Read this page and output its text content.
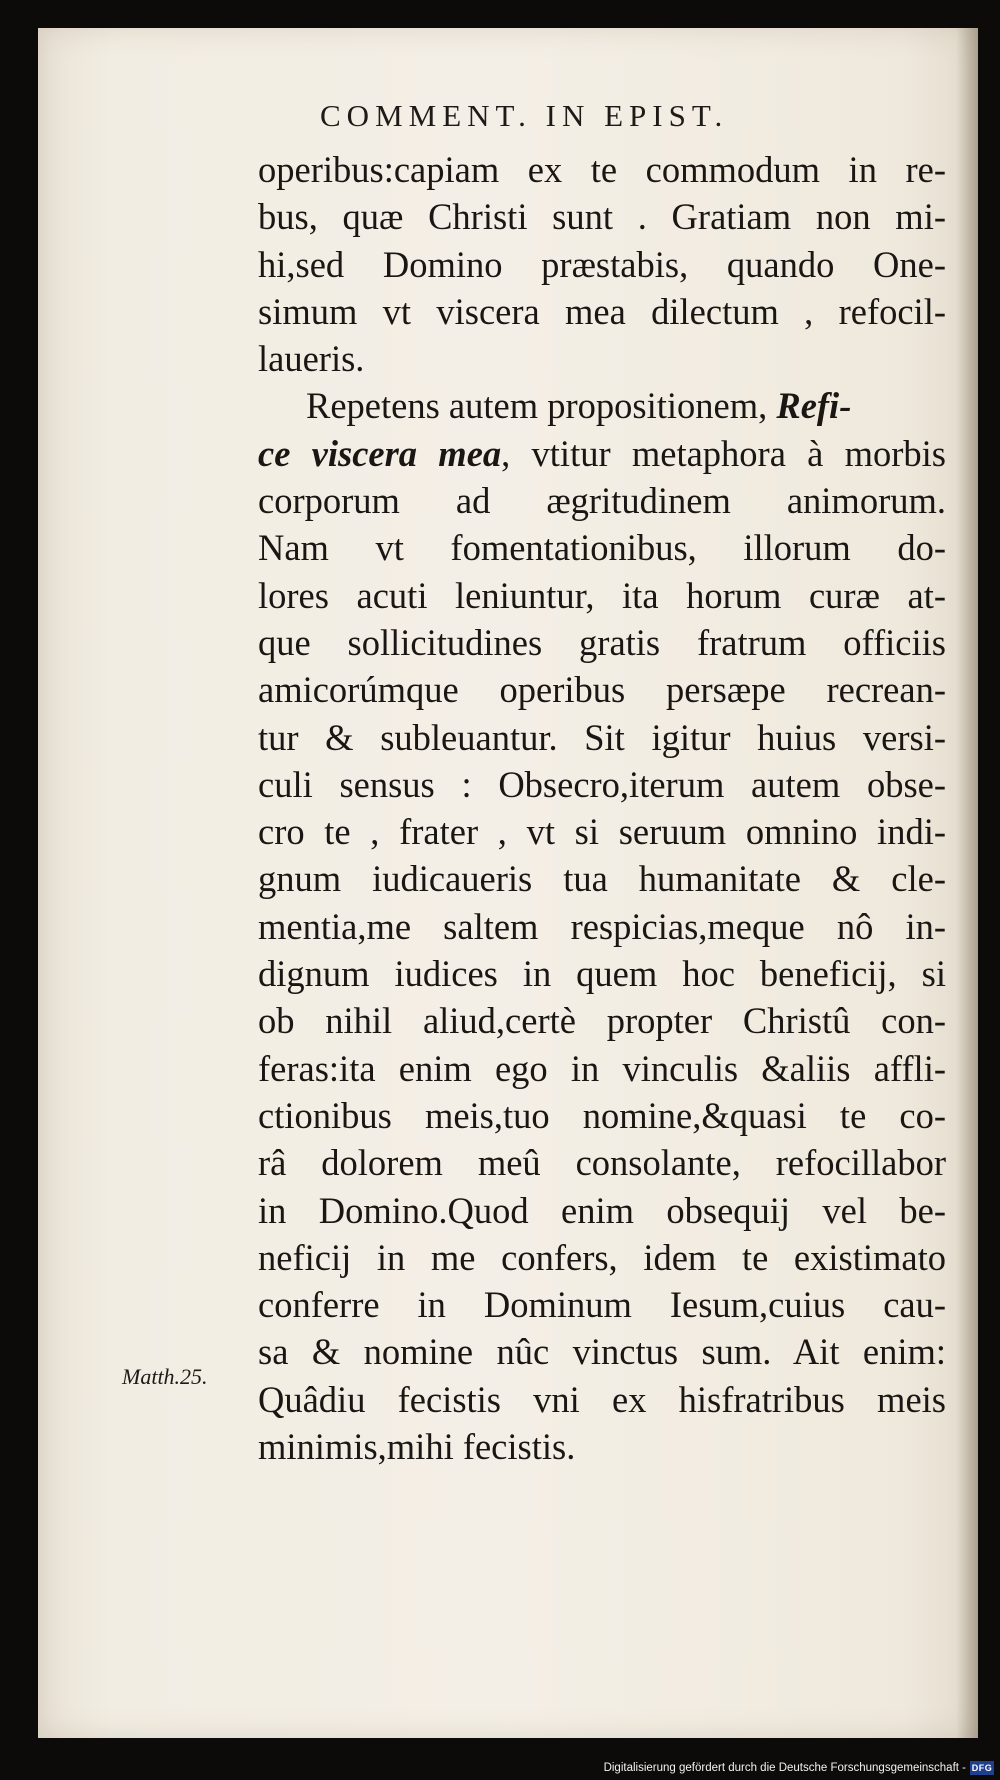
COMMENT. IN EPIST.
Matth.25.
operibus:capiam ex te commodum in re-
bus, quæ Christi sunt . Gratiam non mi-
hi,sed Domino præstabis, quando One-
simum vt viscera mea dilectum , refocil-
laueris.
Repetens autem propositionem, Refi-
ce viscera mea, vtitur metaphora à morbis
corporum ad ægritudinem animorum.
Nam vt fomentationibus, illorum do-
lores acuti leniuntur, ita horum curæ at-
que sollicitudines gratis fratrum officiis
amicorúmque operibus persæpe recrean-
tur & subleuantur. Sit igitur huius versi-
culi sensus : Obsecro,iterum autem obse-
cro te , frater , vt si seruum omnino indi-
gnum iudicaueris tua humanitate & cle-
mentia,me saltem respicias,meque nô in-
dignum iudices in quem hoc beneficij, si
ob nihil aliud,certè propter Christû con-
feras:ita enim ego in vinculis &aliis affli-
ctionibus meis,tuo nomine,&quasi te co-
râ dolorem meû consolante, refocillabor
in Domino.Quod enim obsequij vel be-
neficij in me confers, idem te existimato
conferre in Dominum Iesum,cuius cau-
sa & nomine nûc vinctus sum. Ait enim:
Quâdiu fecistis vni ex hisfratribus meis
minimis,mihi fecistis.
Digitalisierung gefördert durch die Deutsche Forschungsgemeinschaft - DFG
